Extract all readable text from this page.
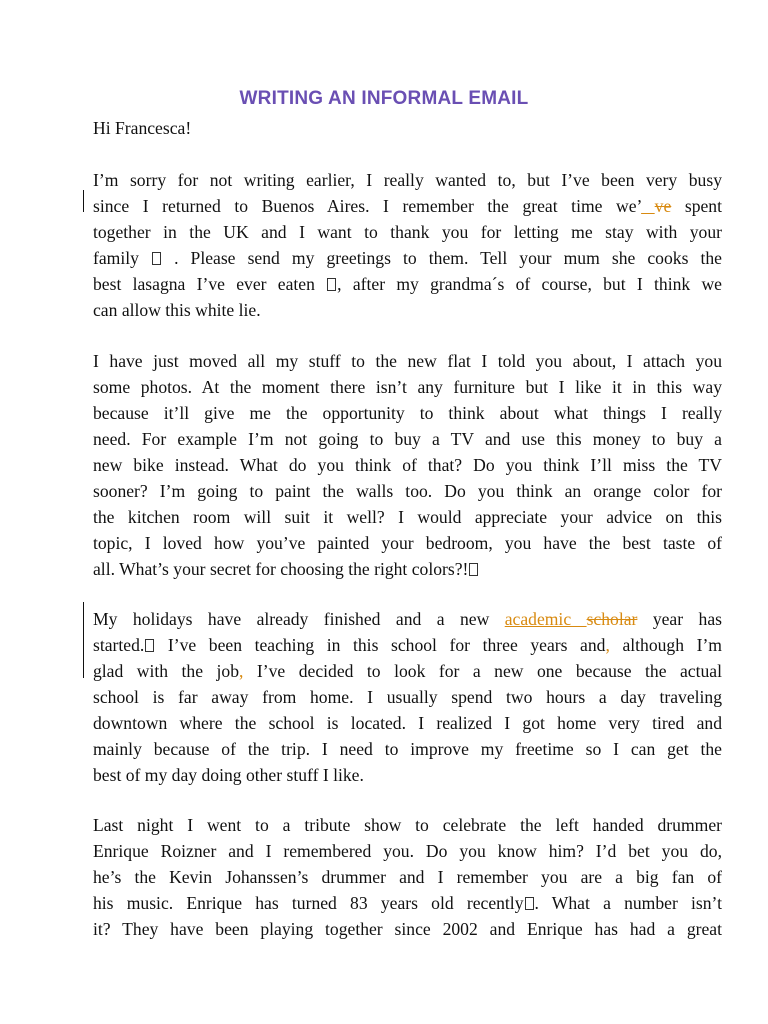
WRITING AN INFORMAL EMAIL
Hi Francesca!
I’m sorry for not writing earlier, I really wanted to, but I’ve been very busy
since I returned to Buenos Aires. I remember the great time we’ ve spent
together in the UK and I want to thank you for letting me stay with your
family  . Please send my greetings to them. Tell your mum she cooks the
best lasagna I’ve ever eaten , after my grandma´s of course, but I think we
can allow this white lie.
I have just moved all my stuff to the new flat I told you about, I attach you
some photos. At the moment there isn’t any furniture but I like it in this way
because it’ll give me the opportunity to think about what things I really
need. For example I’m not going to buy a TV and use this money to buy a
new bike instead. What do you think of that? Do you think I’ll miss the TV
sooner? I’m going to paint the walls too. Do you think an orange color for
the kitchen room will suit it well? I would appreciate your advice on this
topic, I loved how you’ve painted your bedroom, you have the best taste of
all. What’s your secret for choosing the right colors?!
My holidays have already finished and a new academic scholar year has
started. I’ve been teaching in this school for three years and, although I’m
glad with the job, I’ve decided to look for a new one because the actual
school is far away from home. I usually spend two hours a day traveling
downtown where the school is located. I realized I got home very tired and
mainly because of the trip. I need to improve my freetime so I can get the
best of my day doing other stuff I like.
Last night I went to a tribute show to celebrate the left handed drummer
Enrique Roizner and I remembered you. Do you know him? I’d bet you do,
he’s the Kevin Johanssen’s drummer and I remember you are a big fan of
his music. Enrique has turned 83 years old recently . What a number isn’t
it? They have been playing together since 2002 and Enrique has had a great
